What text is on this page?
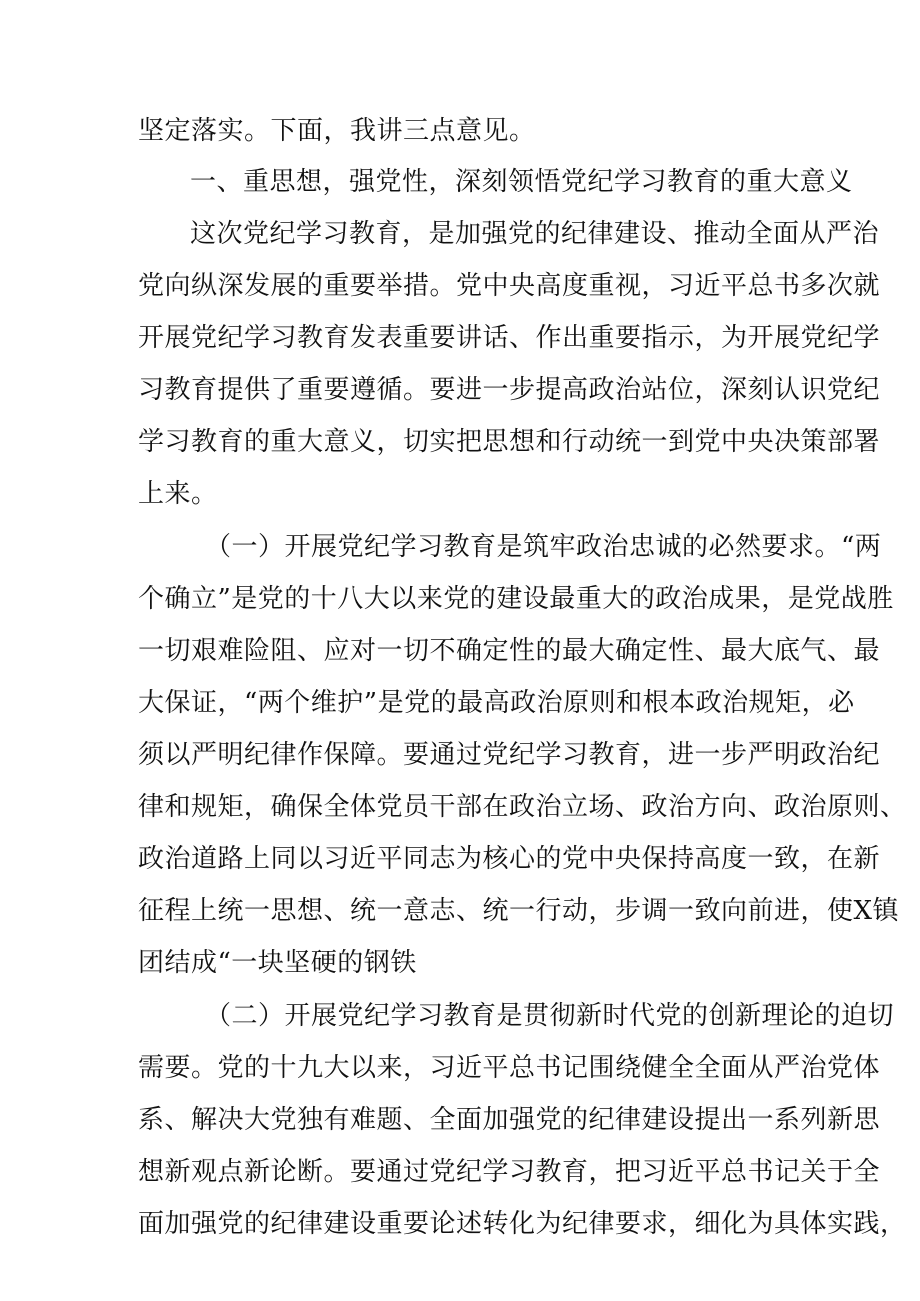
坚定落实。下面，我讲三点意见。

一、重思想，强党性，深刻领悟党纪学习教育的重大意义

这次党纪学习教育，是加强党的纪律建设、推动全面从严治

党向纵深发展的重要举措。党中央高度重视，习近平总书多次就

开展党纪学习教育发表重要讲话、作出重要指示，为开展党纪学

习教育提供了重要遵循。要进一步提高政治站位，深刻认识党纪

学习教育的重大意义，切实把思想和行动统一到党中央决策部署

上来。

（一）开展党纪学习教育是筑牢政治忠诚的必然要求。“两

个确立”是党的十八大以来党的建设最重大的政治成果，是党战胜

一切艰难险阻、应对一切不确定性的最大确定性、最大底气、最

大保证，“两个维护”是党的最高政治原则和根本政治规矩，必

须以严明纪律作保障。要通过党纪学习教育，进一步严明政治纪

律和规矩，确保全体党员干部在政治立场、政治方向、政治原则、

政治道路上同以习近平同志为核心的党中央保持高度一致，在新

征程上统一思想、统一意志、统一行动，步调一致向前进，使X镇

团结成“一块坚硬的钢铁

（二）开展党纪学习教育是贯彻新时代党的创新理论的迫切

需要。党的十九大以来，习近平总书记围绕健全全面从严治党体

系、解决大党独有难题、全面加强党的纪律建设提出一系列新思

想新观点新论断。要通过党纪学习教育，把习近平总书记关于全

面加强党的纪律建设重要论述转化为纪律要求，细化为具体实践，
